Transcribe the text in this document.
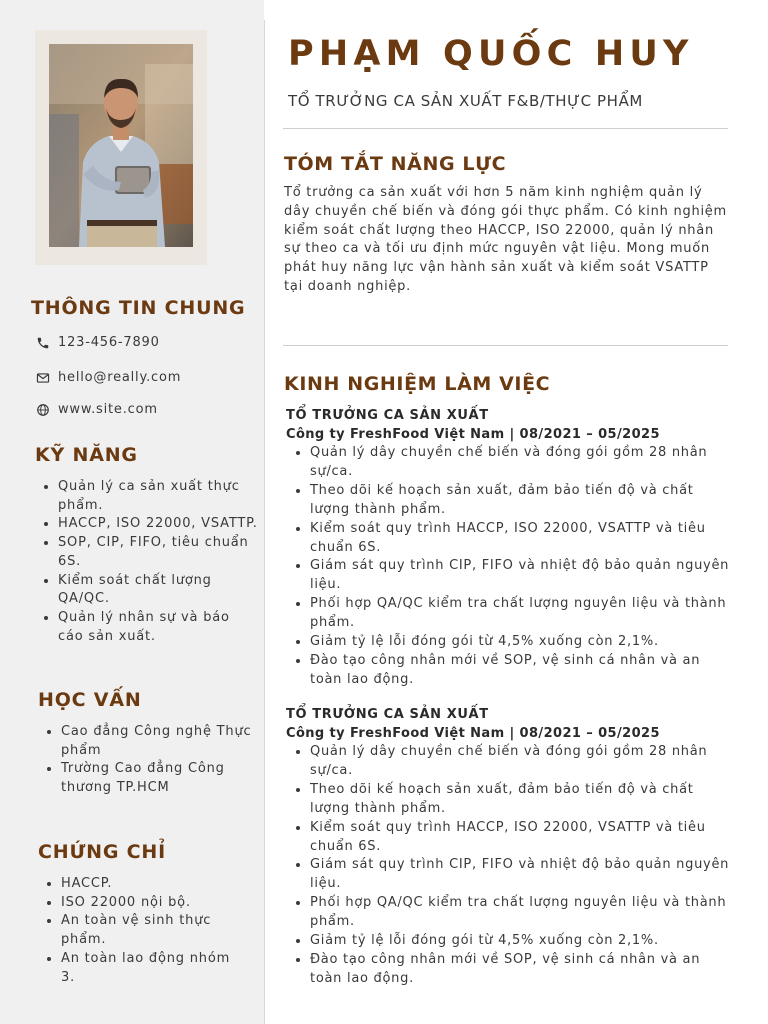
THÔNG TIN CHUNG
123-456-7890
hello@really.com
www.site.com
KỸ NĂNG
• Quản lý ca sản xuất thực phẩm.
• HACCP, ISO 22000, VSATTP.
• SOP, CIP, FIFO, tiêu chuẩn 6S.
• Kiểm soát chất lượng QA/QC.
• Quản lý nhân sự và báo cáo sản xuất.
HỌC VẤN
• Cao đẳng Công nghệ Thực phẩm
• Trường Cao đẳng Công thương TP.HCM
CHỨNG CHỈ
• HACCP.
• ISO 22000 nội bộ.
• An toàn vệ sinh thực phẩm.
• An toàn lao động nhóm 3.
PHẠM QUỐC HUY
TỔ TRƯỞNG CA SẢN XUẤT F&B/THỰC PHẨM
TÓM TẮT NĂNG LỰC

Tổ trưởng ca sản xuất với hơn 5 năm kinh nghiệm quản lý dây chuyền chế biến và đóng gói thực phẩm. Có kinh nghiệm kiểm soát chất lượng theo HACCP, ISO 22000, quản lý nhân sự theo ca và tối ưu định mức nguyên vật liệu. Mong muốn phát huy năng lực vận hành sản xuất và kiểm soát VSATTP tại doanh nghiệp.

KINH NGHIỆM LÀM VIỆC
TỔ TRƯỞNG CA SẢN XUẤT
Công ty FreshFood Việt Nam | 08/2021 – 05/2025
• Quản lý dây chuyền chế biến và đóng gói gồm 28 nhân sự/ca.
• Theo dõi kế hoạch sản xuất, đảm bảo tiến độ và chất lượng thành phẩm.
• Kiểm soát quy trình HACCP, ISO 22000, VSATTP và tiêu chuẩn 6S.
• Giám sát quy trình CIP, FIFO và nhiệt độ bảo quản nguyên liệu.
• Phối hợp QA/QC kiểm tra chất lượng nguyên liệu và thành phẩm.
• Giảm tỷ lệ lỗi đóng gói từ 4,5% xuống còn 2,1%.
• Đào tạo công nhân mới về SOP, vệ sinh cá nhân và an toàn lao động.
TỔ TRƯỞNG CA SẢN XUẤT
Công ty FreshFood Việt Nam | 08/2021 – 05/2025
• Quản lý dây chuyền chế biến và đóng gói gồm 28 nhân sự/ca.
• Theo dõi kế hoạch sản xuất, đảm bảo tiến độ và chất lượng thành phẩm.
• Kiểm soát quy trình HACCP, ISO 22000, VSATTP và tiêu chuẩn 6S.
• Giám sát quy trình CIP, FIFO và nhiệt độ bảo quản nguyên liệu.
• Phối hợp QA/QC kiểm tra chất lượng nguyên liệu và thành phẩm.
• Giảm tỷ lệ lỗi đóng gói từ 4,5% xuống còn 2,1%.
• Đào tạo công nhân mới về SOP, vệ sinh cá nhân và an toàn lao động.
